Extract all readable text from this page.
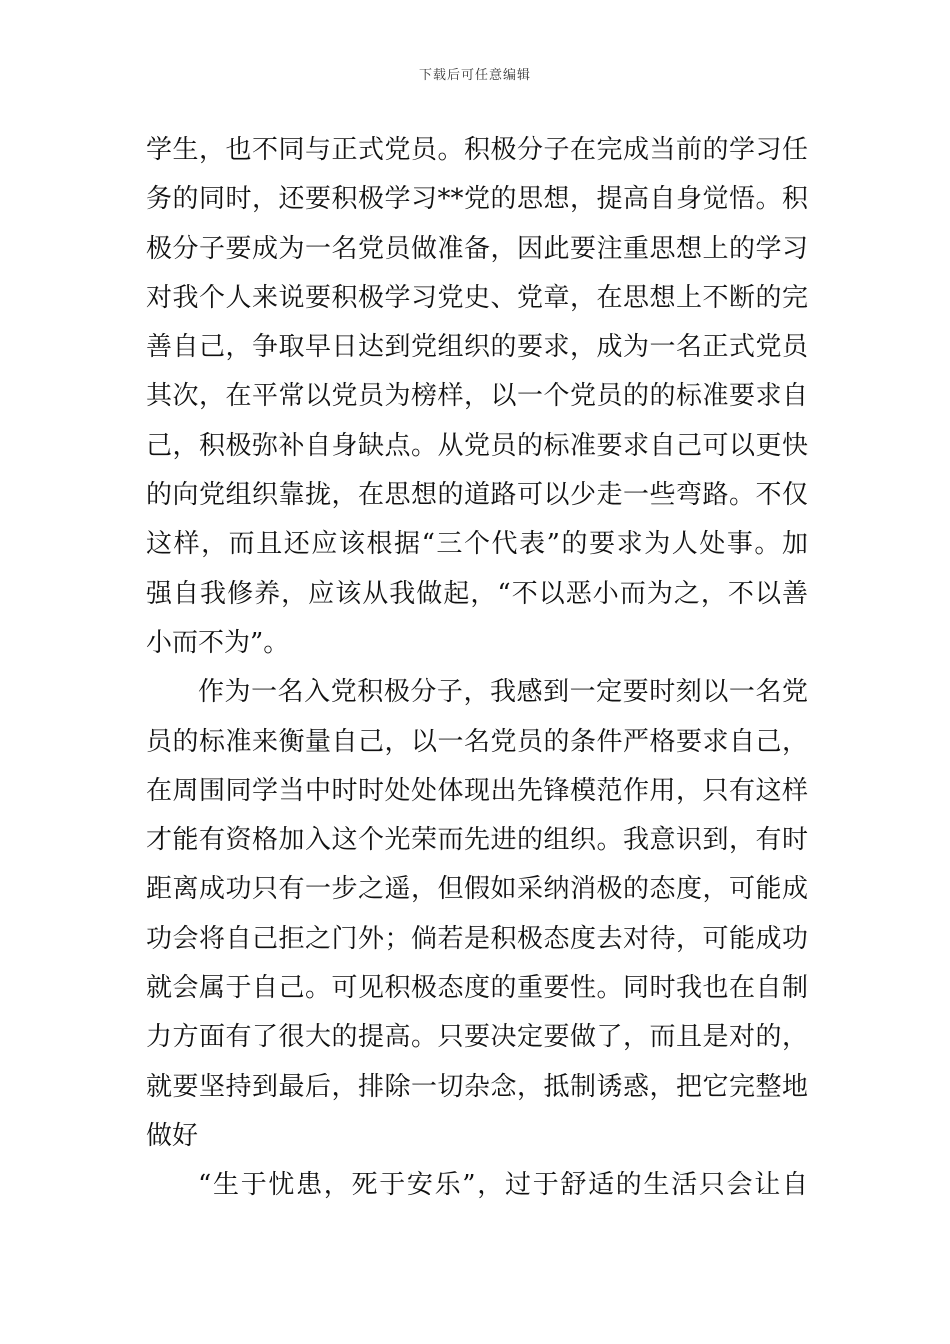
下载后可任意编辑
学生，也不同与正式党员。积极分子在完成当前的学习任
务的同时，还要积极学习**党的思想，提高自身觉悟。积
极分子要成为一名党员做准备，因此要注重思想上的学习
对我个人来说要积极学习党史、党章，在思想上不断的完
善自己，争取早日达到党组织的要求，成为一名正式党员
其次，在平常以党员为榜样，以一个党员的的标准要求自
己，积极弥补自身缺点。从党员的标准要求自己可以更快
的向党组织靠拢，在思想的道路可以少走一些弯路。不仅
这样，而且还应该根据“三个代表”的要求为人处事。加
强自我修养，应该从我做起，“不以恶小而为之，不以善
小而不为”。
作为一名入党积极分子，我感到一定要时刻以一名党
员的标准来衡量自己，以一名党员的条件严格要求自己，
在周围同学当中时时处处体现出先锋模范作用，只有这样
才能有资格加入这个光荣而先进的组织。我意识到，有时
距离成功只有一步之遥，但假如采纳消极的态度，可能成
功会将自己拒之门外；倘若是积极态度去对待，可能成功
就会属于自己。可见积极态度的重要性。同时我也在自制
力方面有了很大的提高。只要决定要做了，而且是对的，
就要坚持到最后，排除一切杂念，抵制诱惑，把它完整地
做好
“生于忧患，死于安乐”，过于舒适的生活只会让自
